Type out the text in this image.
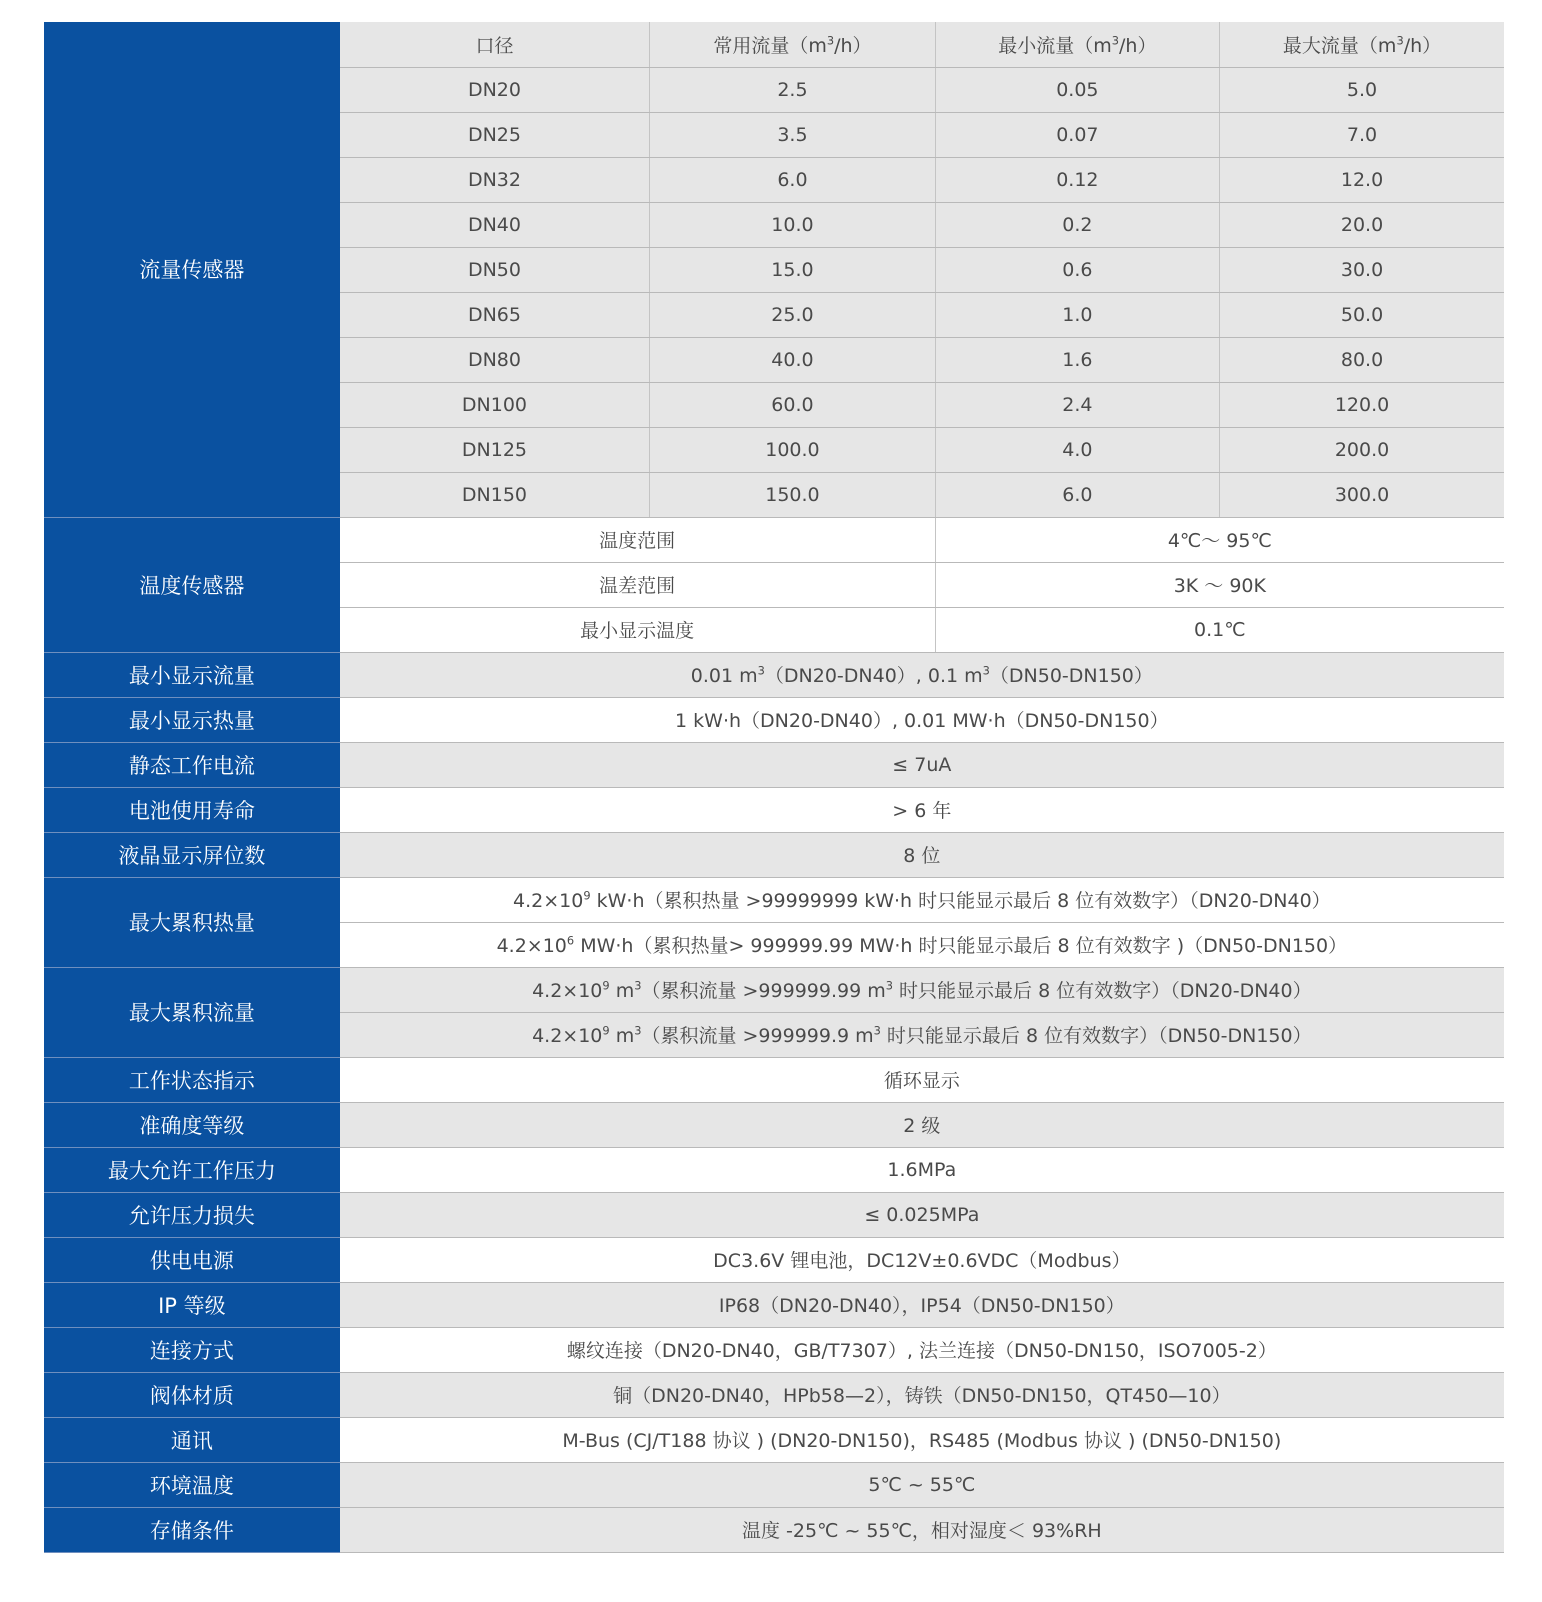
流量传感器	口径	常用流量$(m^3/h)$	最小流量$(m^3/h)$	最大流量$(m^3/h)$
	DN20	2.5	0.05	5.0
	DN25	3.5	0.07	7.0
	DN32	6.0	0.12	12.0
	DN40	10.0	0.2	20.0
	DN50	15.0	0.6	30.0
	DN65	25.0	1.0	50.0
	DN80	40.0	1.6	80.0
	DN100	60.0	2.4	120.0
	DN125	100.0	4.0	200.0
	DN150	150.0	6.0	300.0
温度传感器	温度范围		4℃～ 95℃	
	温差范围		3K ～ 90K	
	最小显示温度		0.1℃	
最小显示流量	0.01 $m^3(DN20-DN40)$, 0.1 $m^3(DN50-DN150)$			
最小显示热量	1 kW·h（DN20-DN40）, 0.01 MW·h（DN50-DN150）			
静态工作电流	≤ 7uA			
电池使用寿命	> 6 年			
液晶显示屏位数	8 位			
最大累积热量	$4.2\times 10^9$ kW·h（累积热量 >99999999 kW·h 时只能显示最后 8 位有效数字）（DN20-DN40）			
	$4.2\times 10^6$ MW·h（累积热量> 999999.99 MW·h 时只能显示最后 8 位有效数字 )（DN50-DN150）			
最大累积流量	$4.2\times 10^9$ $m^3$（累积流量 >999999.99 $m^3$ 时只能显示最后 8 位有效数字）（DN20-DN40）			
	$4.2\times 10^9$ $m^3$（累积流量 >999999.9 $m^3$ 时只能显示最后 8 位有效数字）（DN50-DN150）			
工作状态指示	循环显示			
准确度等级	2 级			
最大允许工作压力	1.6MPa			
允许压力损失	≤ 0.025MPa			
供电电源	DC3.6V 锂电池，DC12V±0.6VDC（Modbus）			
IP 等级	IP68（DN20-DN40），IP54（DN50-DN150）			
连接方式	螺纹连接（DN20-DN40，GB/T7307）, 法兰连接（DN50-DN150，ISO7005-2）			
阀体材质	铜（DN20-DN40，HPb58—2），铸铁（DN50-DN150，QT450—10）			
通讯	M-Bus (CJ/T188 协议 ) (DN20-DN150)，RS485 (Modbus 协议 ) (DN50-DN150)			
环境温度	5℃ ~ 55℃			
存储条件	温度 -25℃ ~ 55℃，相对湿度＜ 93%RH			
